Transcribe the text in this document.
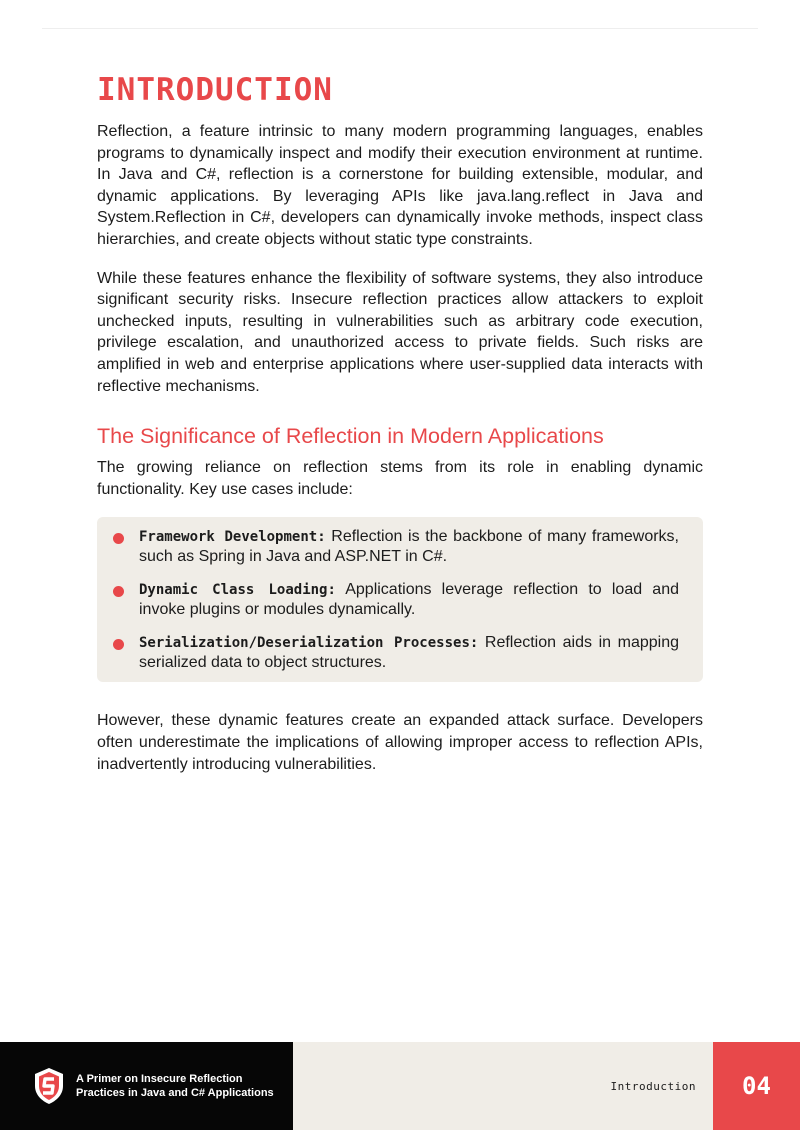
INTRODUCTION

Reflection, a feature intrinsic to many modern programming languages, enables programs to dynamically inspect and modify their execution environment at runtime. In Java and C#, reflection is a cornerstone for building extensible, modular, and dynamic applications. By leveraging APIs like java.lang.reflect in Java and System.Reflection in C#, developers can dynamically invoke methods, inspect class hierarchies, and create objects without static type constraints.

While these features enhance the flexibility of software systems, they also introduce significant security risks. Insecure reflection practices allow attackers to exploit unchecked inputs, resulting in vulnerabilities such as arbitrary code execution, privilege escalation, and unauthorized access to private fields. Such risks are amplified in web and enterprise applications where user-supplied data interacts with reflective mechanisms.

The Significance of Reflection in Modern Applications

The growing reliance on reflection stems from its role in enabling dynamic functionality. Key use cases include:

Framework Development: Reflection is the backbone of many frameworks, such as Spring in Java and ASP.NET in C#.
Dynamic Class Loading: Applications leverage reflection to load and invoke plugins or modules dynamically.
Serialization/Deserialization Processes: Reflection aids in mapping serialized data to object structures.

However, these dynamic features create an expanded attack surface. Developers often underestimate the implications of allowing improper access to reflection APIs, inadvertently introducing vulnerabilities.

A Primer on Insecure Reflection
Practices in Java and C# Applications
Introduction	04
